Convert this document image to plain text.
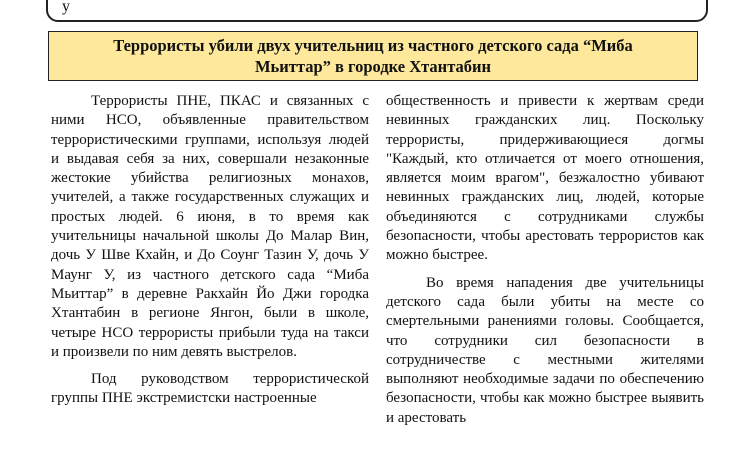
у
Террористы убили двух учительниц из частного детского сада “Миба Мьиттар” в городке Хтантабин

Террористы ПНЕ, ПКАС и связанных с ними НСО, объявленные правительством террористическими группами, используя людей и выдавая себя за них, совершали незаконные жестокие убийства религиозных монахов, учителей, а также государственных служащих и простых людей. 6 июня, в то время как учительницы начальной школы До Малар Вин, дочь У Шве Кхайн, и До Соунг Тазин У, дочь У Маунг У, из частного детского сада “Миба Мьиттар” в деревне Ракхайн Йо Джи городка Хтантабин в регионе Янгон, были в школе, четыре НСО террористы прибыли туда на такси и произвели по ним девять выстрелов.

Под руководством террористической группы ПНЕ экстремистски настроенные

общественность и привести к жертвам среди невинных гражданских лиц. Поскольку террористы, придерживающиеся догмы "Каждый, кто отличается от моего отношения, является моим врагом", безжалостно убивают невинных гражданских лиц, людей, которые объединяются с сотрудниками службы безопасности, чтобы арестовать террористов как можно быстрее.

Во время нападения две учительницы детского сада были убиты на месте со смертельными ранениями головы. Сообщается, что сотрудники сил безопасности в сотрудничестве с местными жителями выполняют необходимые задачи по обеспечению безопасности, чтобы как можно быстрее выявить и арестовать
